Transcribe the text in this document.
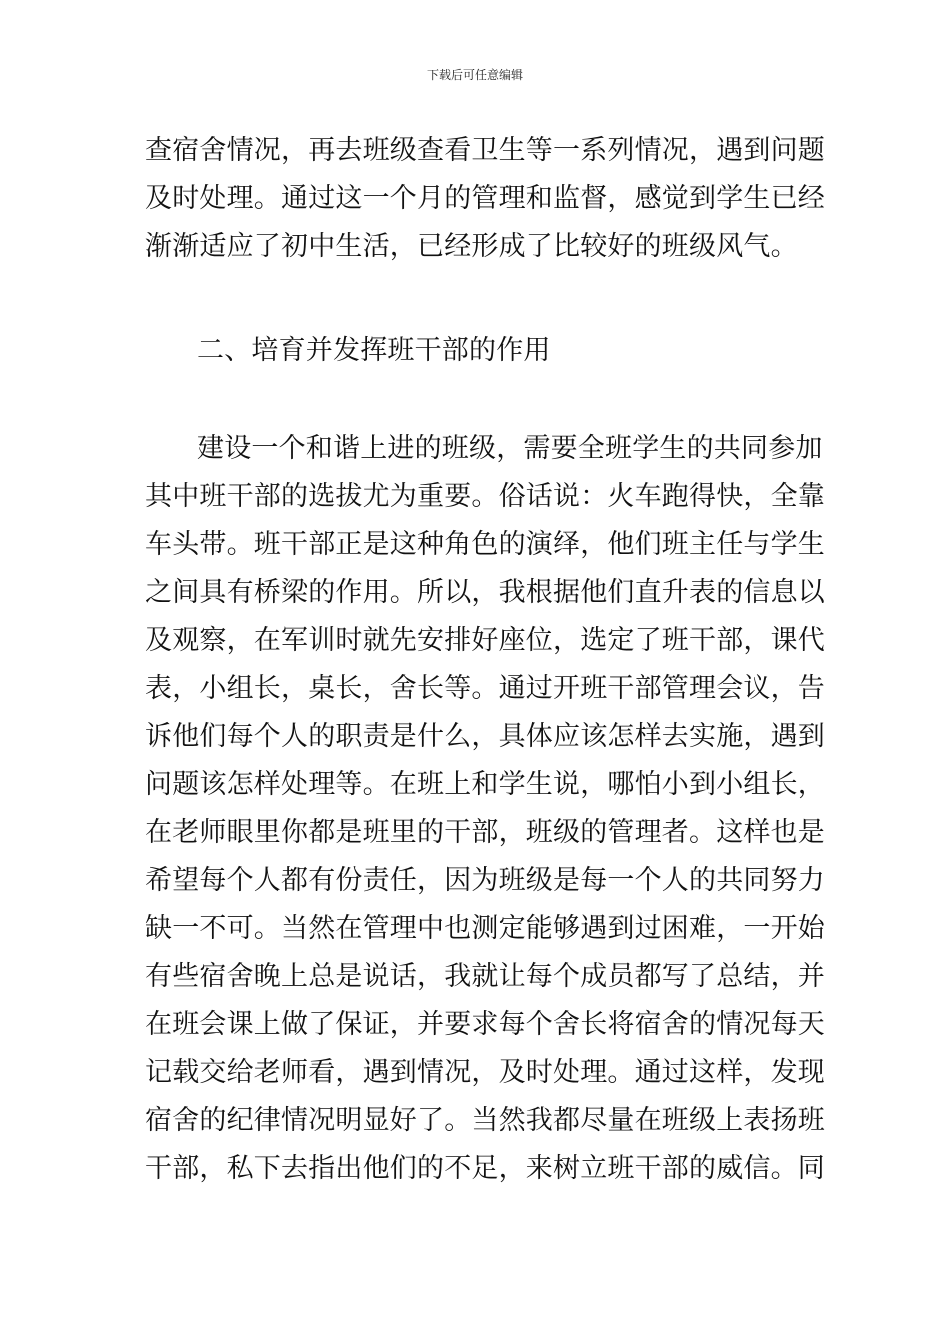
下载后可任意编辑
查宿舍情况，再去班级查看卫生等一系列情况，遇到问题
及时处理。通过这一个月的管理和监督，感觉到学生已经
渐渐适应了初中生活，已经形成了比较好的班级风气。
二、培育并发挥班干部的作用
建设一个和谐上进的班级，需要全班学生的共同参加
其中班干部的选拔尤为重要。俗话说：火车跑得快，全靠
车头带。班干部正是这种角色的演绎，他们班主任与学生
之间具有桥梁的作用。所以，我根据他们直升表的信息以
及观察，在军训时就先安排好座位，选定了班干部，课代
表，小组长，桌长，舍长等。通过开班干部管理会议，告
诉他们每个人的职责是什么，具体应该怎样去实施，遇到
问题该怎样处理等。在班上和学生说，哪怕小到小组长，
在老师眼里你都是班里的干部，班级的管理者。这样也是
希望每个人都有份责任，因为班级是每一个人的共同努力
缺一不可。当然在管理中也测定能够遇到过困难，一开始
有些宿舍晚上总是说话，我就让每个成员都写了总结，并
在班会课上做了保证，并要求每个舍长将宿舍的情况每天
记载交给老师看，遇到情况，及时处理。通过这样，发现
宿舍的纪律情况明显好了。当然我都尽量在班级上表扬班
干部，私下去指出他们的不足，来树立班干部的威信。同
